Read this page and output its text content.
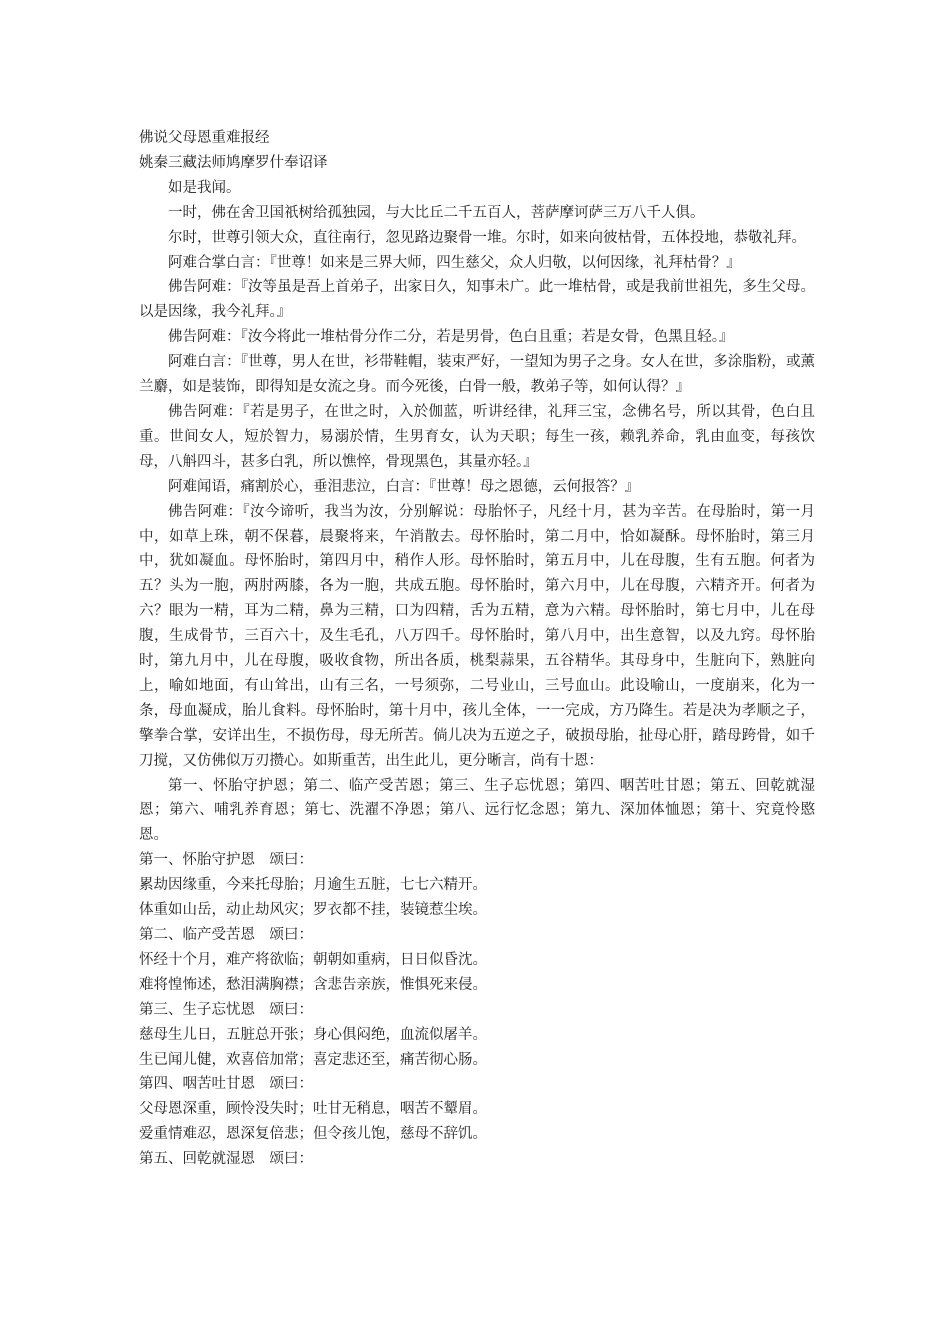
佛说父母恩重难报经

姚秦三藏法师鸠摩罗什奉诏译

如是我闻。

一时，佛在舍卫国祇树给孤独园，与大比丘二千五百人，菩萨摩诃萨三万八千人俱。

尔时，世尊引领大众，直往南行，忽见路边聚骨一堆。尔时，如来向彼枯骨，五体投地，恭敬礼拜。

阿难合掌白言：『世尊！如来是三界大师，四生慈父，众人归敬，以何因缘，礼拜枯骨？』

佛告阿难：『汝等虽是吾上首弟子，出家日久，知事未广。此一堆枯骨，或是我前世祖先，多生父母。以是因缘，我今礼拜。』

佛告阿难：『汝今将此一堆枯骨分作二分，若是男骨，色白且重；若是女骨，色黑且轻。』

阿难白言：『世尊，男人在世，衫带鞋帽，装束严好，一望知为男子之身。女人在世，多涂脂粉，或薰兰麝，如是装饰，即得知是女流之身。而今死後，白骨一般，教弟子等，如何认得？』

佛告阿难：『若是男子，在世之时，入於伽蓝，听讲经律，礼拜三宝，念佛名号，所以其骨，色白且重。世间女人，短於智力，易溺於情，生男育女，认为天职；每生一孩，赖乳养命，乳由血变，每孩饮母，八斛四斗，甚多白乳，所以憔悴，骨现黑色，其量亦轻。』

阿难闻语，痛割於心，垂泪悲泣，白言：『世尊！母之恩德，云何报答？』

佛告阿难：『汝今谛听，我当为汝，分别解说：母胎怀子，凡经十月，甚为辛苦。在母胎时，第一月中，如草上珠，朝不保暮，晨聚将来，午消散去。母怀胎时，第二月中，恰如凝酥。母怀胎时，第三月中，犹如凝血。母怀胎时，第四月中，稍作人形。母怀胎时，第五月中，儿在母腹，生有五胞。何者为五？头为一胞，两肘两膝，各为一胞，共成五胞。母怀胎时，第六月中，儿在母腹，六精齐开。何者为六？眼为一精，耳为二精，鼻为三精，口为四精，舌为五精，意为六精。母怀胎时，第七月中，儿在母腹，生成骨节，三百六十，及生毛孔，八万四千。母怀胎时，第八月中，出生意智，以及九窍。母怀胎时，第九月中，儿在母腹，吸收食物，所出各质，桃梨蒜果，五谷精华。其母身中，生脏向下，熟脏向上，喻如地面，有山耸出，山有三名，一号须弥，二号业山，三号血山。此设喻山，一度崩来，化为一条，母血凝成，胎儿食料。母怀胎时，第十月中，孩儿全体，一一完成，方乃降生。若是决为孝顺之子，擎拳合掌，安详出生，不损伤母，母无所苦。倘儿决为五逆之子，破损母胎，扯母心肝，踏母跨骨，如千刀搅，又仿佛似万刃攒心。如斯重苦，出生此儿，更分晰言，尚有十恩：

第一、怀胎守护恩；第二、临产受苦恩；第三、生子忘忧恩；第四、咽苦吐甘恩；第五、回乾就湿恩；第六、哺乳养育恩；第七、洗濯不净恩；第八、远行忆念恩；第九、深加体恤恩；第十、究竟怜愍恩。

第一、怀胎守护恩　颂曰：

累劫因缘重，今来托母胎；月逾生五脏，七七六精开。

体重如山岳，动止劫风灾；罗衣都不挂，装镜惹尘埃。

第二、临产受苦恩　颂曰：

怀经十个月，难产将欲临；朝朝如重病，日日似昏沈。

难将惶怖述，愁泪满胸襟；含悲告亲族，惟惧死来侵。

第三、生子忘忧恩　颂曰：

慈母生儿日，五脏总开张；身心俱闷绝，血流似屠羊。

生已闻儿健，欢喜倍加常；喜定悲还至，痛苦彻心肠。

第四、咽苦吐甘恩　颂曰：

父母恩深重，顾怜没失时；吐甘无稍息，咽苦不颦眉。

爱重情难忍，恩深复倍悲；但令孩儿饱，慈母不辞饥。

第五、回乾就湿恩　颂曰：
